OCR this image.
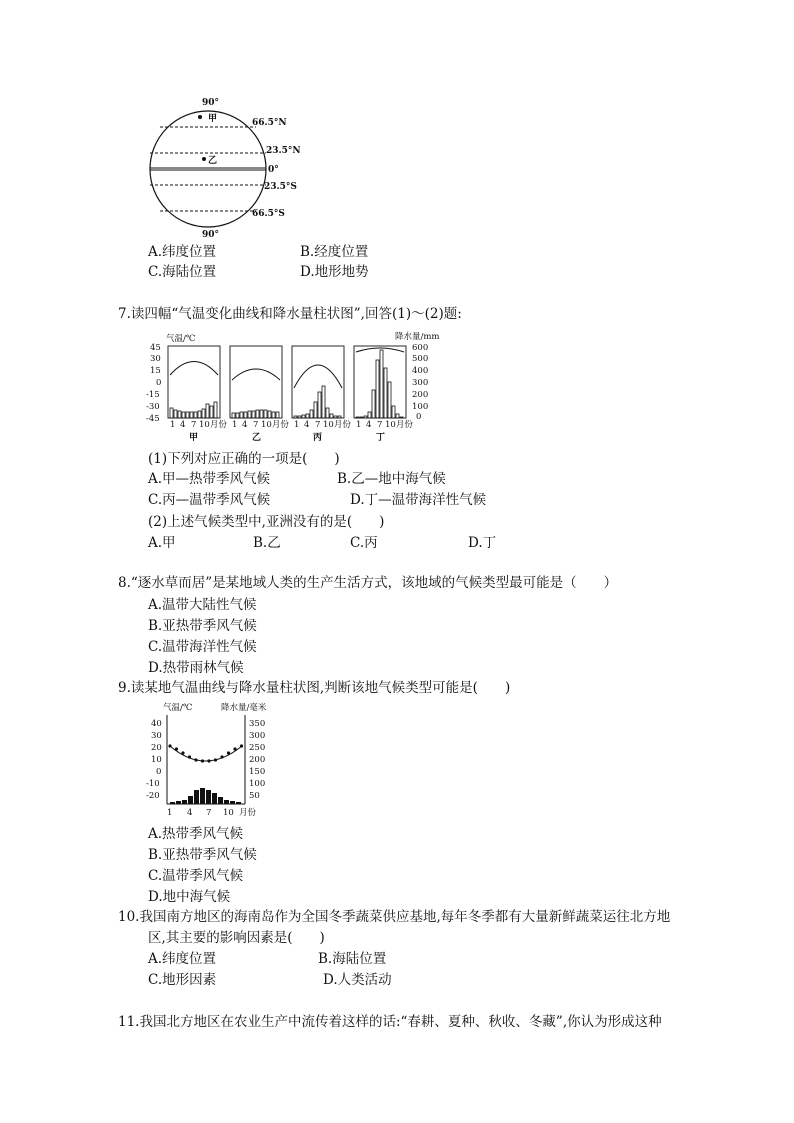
90°
甲
乙
66.5°N
23.5°N
0°
23.5°S
66.5°S
90°
A.纬度位置	B.经度位置
C.海陆位置	D.地形地势
7.读四幅“气温变化曲线和降水量柱状图”,回答(1)～(2)题:
气温/℃
45
30
15
0
-15
-30
-45
降水量/mm
600
500
400
300
200
100
0
1 4 7 10月份
甲
1 4 7 10月份
乙
1 4 7 10月份
丙
1 4 7 10月份
丁
(1)下列对应正确的一项是(　　)
A.甲—热带季风气候	B.乙—地中海气候
C.丙—温带季风气候	D.丁—温带海洋性气候
(2)上述气候类型中,亚洲没有的是(　　)
A.甲	B.乙	C.丙	D.丁
8.“逐水草而居”是某地域人类的生产生活方式，该地域的气候类型最可能是（　　）
A.温带大陆性气候
B.亚热带季风气候
C.温带海洋性气候
D.热带雨林气候
9.读某地气温曲线与降水量柱状图,判断该地气候类型可能是(　　)
气温/℃	降水量/毫米
40
30
20
10
0
-10
-20
350
300
250
200
150
100
50
1 4 7 10 月份
A.热带季风气候
B.亚热带季风气候
C.温带季风气候
D.地中海气候
10.我国南方地区的海南岛作为全国冬季蔬菜供应基地,每年冬季都有大量新鲜蔬菜运往北方地
区,其主要的影响因素是(　　)
A.纬度位置	B.海陆位置
C.地形因素	D.人类活动
11.我国北方地区在农业生产中流传着这样的话:“春耕、夏种、秋收、冬藏”,你认为形成这种
